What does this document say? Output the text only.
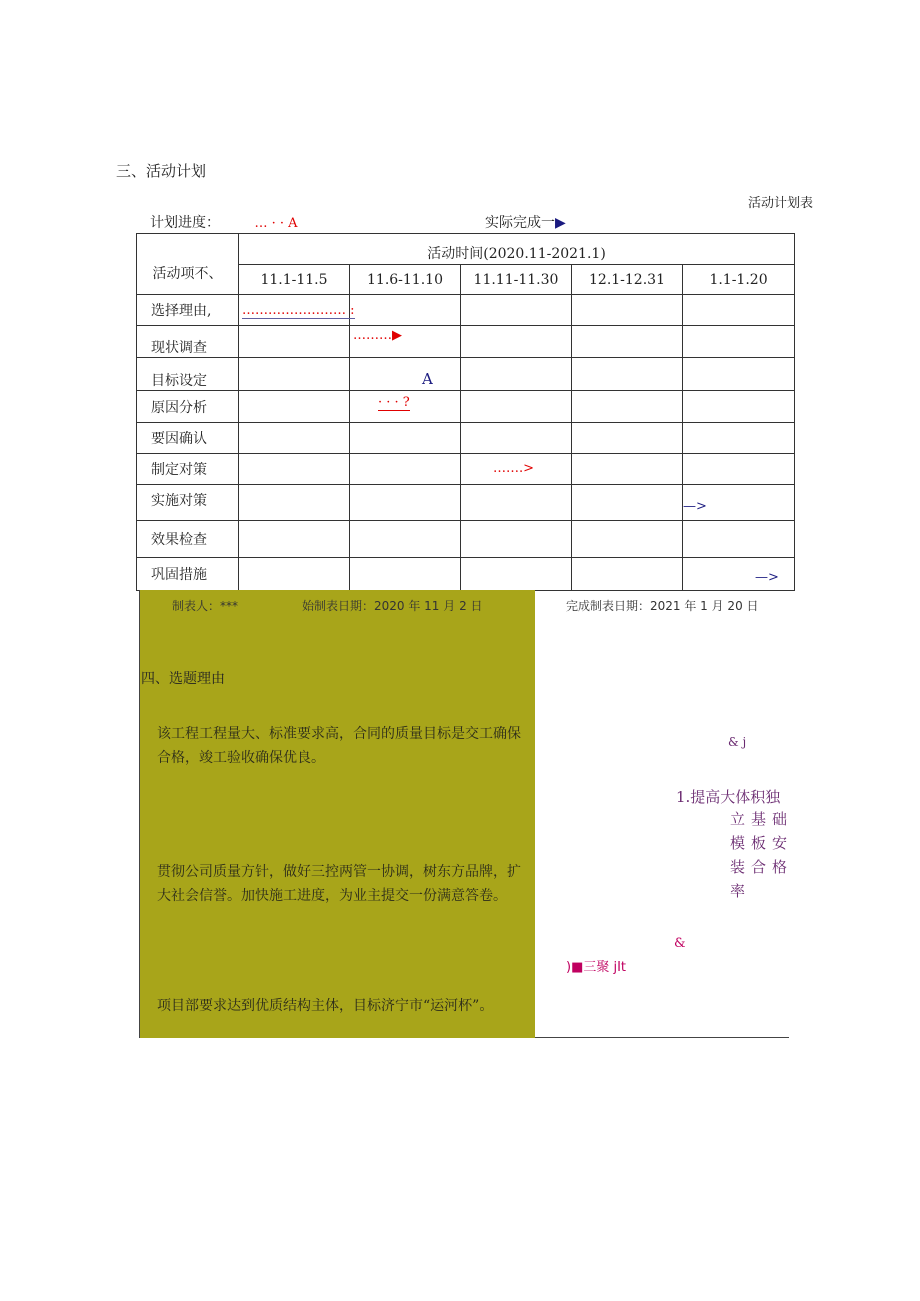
三、活动计划
活动计划表
计划进度：	… · · A	实际完成一▶
活动项不、	活动时间(2020.11-2021.1)				
	11.1-11.5	11.6-11.10	11.11-11.30	12.1-12.31	1.1-1.20
选择理由,	…………………… :				

现状调查		………▶			

目标设定		A			

原因分析		· · · ?			

要因确认					
制定对策			…….>		

实施对策					—>

效果检查					
巩固措施					—>
制表人：***	始制表日期：2020 年 11 月 2 日	完成制表日期：2021 年 1 月 20 日
四、选题理由
该工程工程量大、标准要求高，合同的质量目标是交工确保合格，竣工验收确保优良。
贯彻公司质量方针，做好三控两管一协调，树东方品牌，扩大社会信誉。加快施工进度，为业主提交一份满意答卷。
项目部要求达到优质结构主体，目标济宁市“运河杯”。
& j
1.提高大体积独
立基础
模板安
装合格
率
&
)■三聚 jIt
